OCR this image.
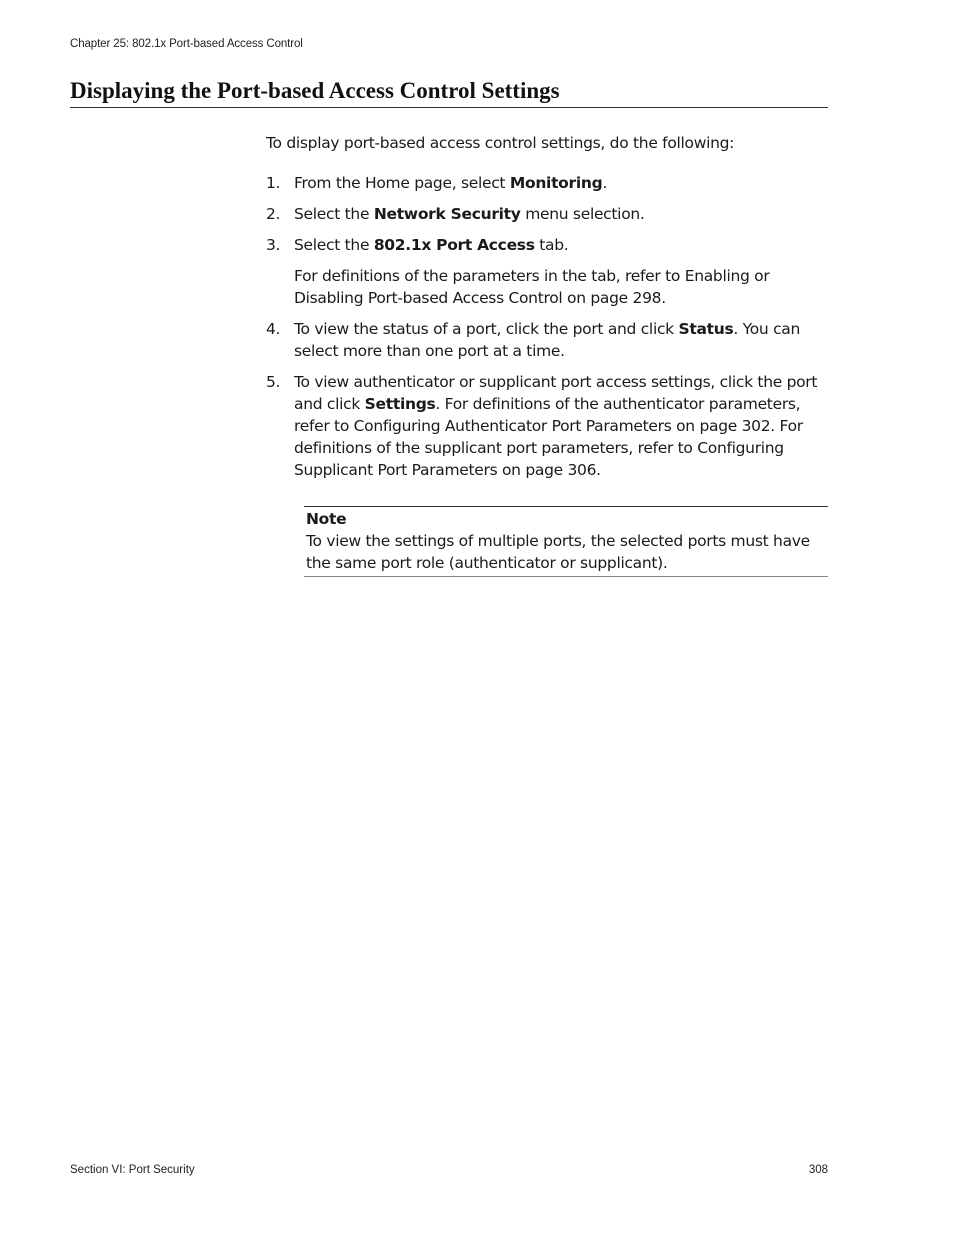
Chapter 25: 802.1x Port-based Access Control
Displaying the Port-based Access Control Settings

To display port-based access control settings, do the following:

1. From the Home page, select Monitoring.
2. Select the Network Security menu selection.
3. Select the 802.1x Port Access tab.

For definitions of the parameters in the tab, refer to Enabling or Disabling Port-based Access Control on page 298.

4. To view the status of a port, click the port and click Status. You can select more than one port at a time.
5. To view authenticator or supplicant port access settings, click the port and click Settings. For definitions of the authenticator parameters, refer to Configuring Authenticator Port Parameters on page 302. For definitions of the supplicant port parameters, refer to Configuring Supplicant Port Parameters on page 306.
Note
To view the settings of multiple ports, the selected ports must have the same port role (authenticator or supplicant).
Section VI: Port Security	308
